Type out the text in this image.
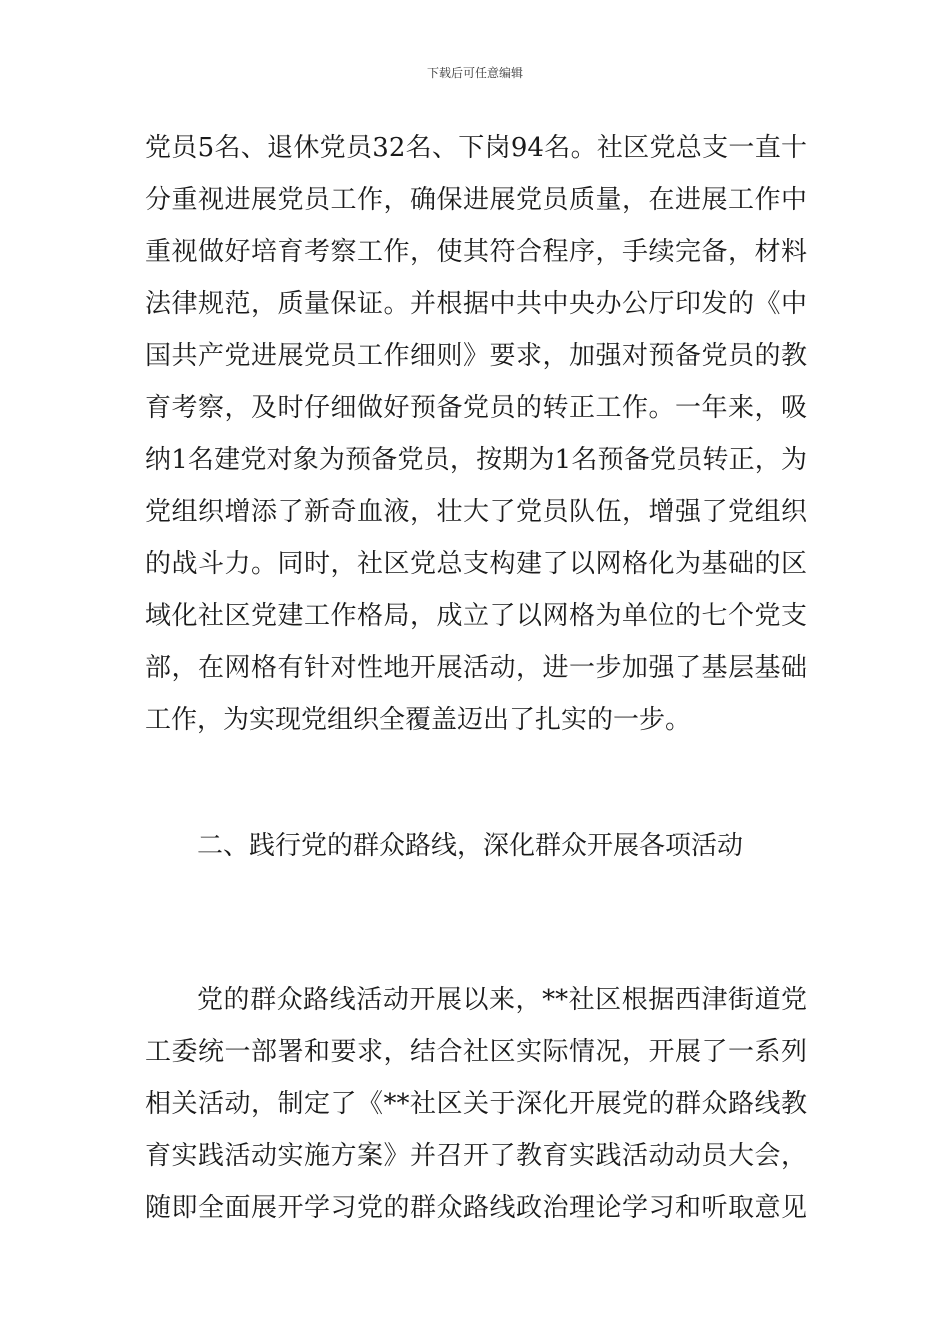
下载后可任意编辑
党员5名、退休党员32名、下岗94名。社区党总支一直十
分重视进展党员工作，确保进展党员质量，在进展工作中
重视做好培育考察工作，使其符合程序，手续完备，材料
法律规范，质量保证。并根据中共中央办公厅印发的《中
国共产党进展党员工作细则》要求，加强对预备党员的教
育考察，及时仔细做好预备党员的转正工作。一年来，吸
纳1名建党对象为预备党员，按期为1名预备党员转正，为
党组织增添了新奇血液，壮大了党员队伍，增强了党组织
的战斗力。同时，社区党总支构建了以网格化为基础的区
域化社区党建工作格局，成立了以网格为单位的七个党支
部，在网格有针对性地开展活动，进一步加强了基层基础
工作，为实现党组织全覆盖迈出了扎实的一步。
二、践行党的群众路线，深化群众开展各项活动
党的群众路线活动开展以来，**社区根据西津街道党
工委统一部署和要求，结合社区实际情况，开展了一系列
相关活动，制定了《**社区关于深化开展党的群众路线教
育实践活动实施方案》并召开了教育实践活动动员大会，
随即全面展开学习党的群众路线政治理论学习和听取意见
